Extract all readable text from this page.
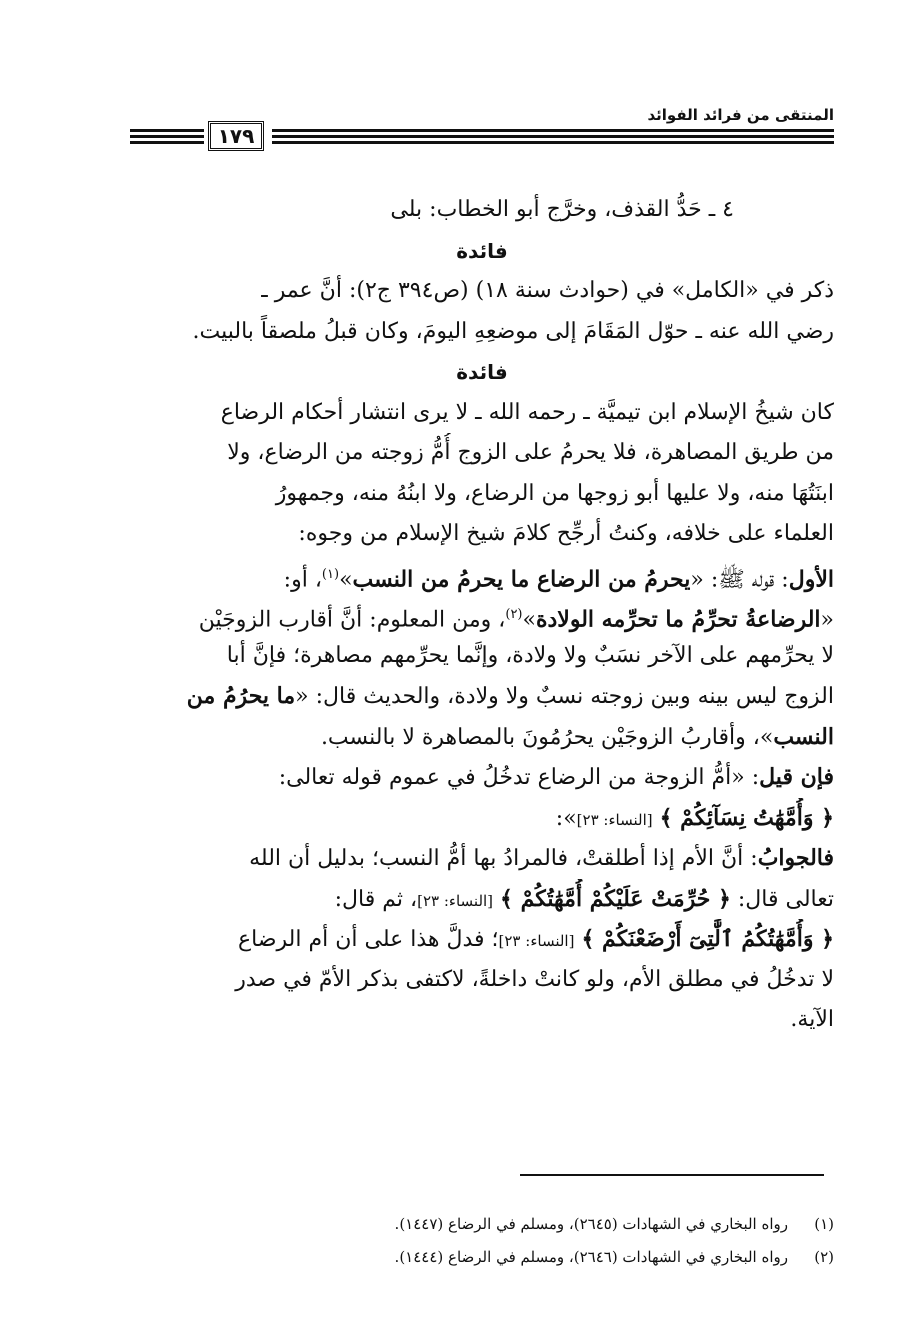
المنتقى من فرائد الفوائد
١٧٩
٤ ـ حَدُّ القذف، وخرَّج أبو الخطاب: بلى
فائدة
ذكر في «الكامل» في (حوادث سنة ١٨) (ص٣٩٤ ج٢): أنَّ عمر ـ
رضي الله عنه ـ حوّل المَقَامَ إلى موضعِهِ اليومَ، وكان قبلُ ملصقاً بالبيت.
فائدة
كان شيخُ الإسلام ابن تيميَّة ـ رحمه الله ـ لا يرى انتشار أحكام الرضاع
من طريق المصاهرة، فلا يحرمُ على الزوج أُمُّ زوجته من الرضاع، ولا
ابنَتُهَا منه، ولا عليها أبو زوجها من الرضاع، ولا ابنُهُ منه، وجمهورُ
العلماء على خلافه، وكنتُ أرجِّح كلامَ شيخ الإسلام من وجوه:
الأول: قوله ﷺ: «يحرمُ من الرضاع ما يحرمُ من النسب»$^{(١)}$، أو:
«الرضاعةُ تحرِّمُ ما تحرِّمه الولادة»$^{(٢)}$، ومن المعلوم: أنَّ أقارب الزوجَيْن
لا يحرِّمهم على الآخر نسَبٌ ولا ولادة، وإنَّما يحرِّمهم مصاهرة؛ فإنَّ أبا
الزوج ليس بينه وبين زوجته نسبٌ ولا ولادة، والحديث قال: «ما يحرُمُ من
النسب»، وأقاربُ الزوجَيْن يحرُمُونَ بالمصاهرة لا بالنسب.
فإن قيل: «أمُّ الزوجة من الرضاع تدخُلُ في عموم قوله تعالى:
﴿ وَأُمَّهَٰتُ نِسَآئِكُمْ ﴾ [النساء: ٢٣]»:
فالجوابُ: أنَّ الأم إذا أطلقتْ، فالمرادُ بها أمُّ النسب؛ بدليل أن الله
تعالى قال: ﴿ حُرِّمَتْ عَلَيْكُمْ أُمَّهَٰتُكُمْ ﴾ [النساء: ٢٣]، ثم قال:
﴿ وَأُمَّهَٰتُكُمُ ٱلَّٰتِىٓ أَرْضَعْنَكُمْ ﴾ [النساء: ٢٣]؛ فدلَّ هذا على أن أم الرضاع
لا تدخُلُ في مطلق الأم، ولو كانتْ داخلةً، لاكتفى بذكر الأمّ في صدر
الآية.
(١)رواه البخاري في الشهادات (٢٦٤٥)، ومسلم في الرضاع (١٤٤٧).
(٢)رواه البخاري في الشهادات (٢٦٤٦)، ومسلم في الرضاع (١٤٤٤).
